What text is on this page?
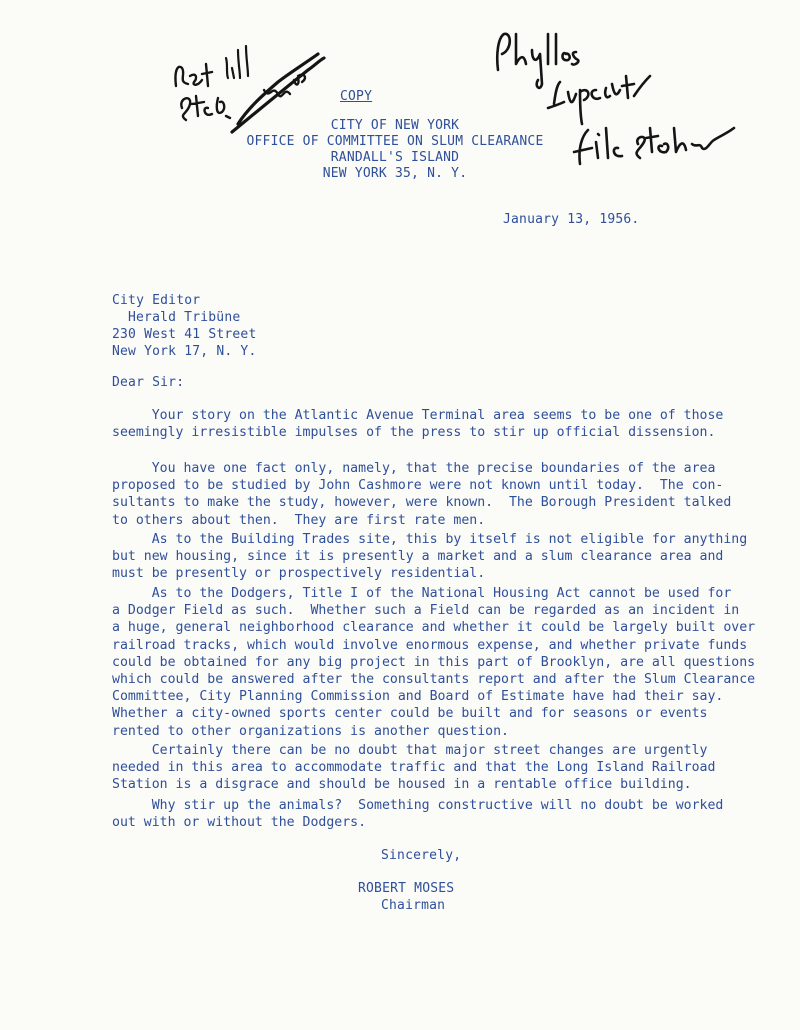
COPY
CITY OF NEW YORK
OFFICE OF COMMITTEE ON SLUM CLEARANCE
RANDALL'S ISLAND
NEW YORK 35, N. Y.
January 13, 1956.
City Editor
Herald Tribüne
230 West 41 Street
New York 17, N. Y.
Dear Sir:
Your story on the Atlantic Avenue Terminal area seems to be one of those
seemingly irresistible impulses of the press to stir up official dissension.
You have one fact only, namely, that the precise boundaries of the area
proposed to be studied by John Cashmore were not known until today.  The con-
sultants to make the study, however, were known.  The Borough President talked
to others about then.  They are first rate men.
As to the Building Trades site, this by itself is not eligible for anything
but new housing, since it is presently a market and a slum clearance area and
must be presently or prospectively residential.
As to the Dodgers, Title I of the National Housing Act cannot be used for
a Dodger Field as such.  Whether such a Field can be regarded as an incident in
a huge, general neighborhood clearance and whether it could be largely built over
railroad tracks, which would involve enormous expense, and whether private funds
could be obtained for any big project in this part of Brooklyn, are all questions
which could be answered after the consultants report and after the Slum Clearance
Committee, City Planning Commission and Board of Estimate have had their say.
Whether a city-owned sports center could be built and for seasons or events
rented to other organizations is another question.
Certainly there can be no doubt that major street changes are urgently
needed in this area to accommodate traffic and that the Long Island Railroad
Station is a disgrace and should be housed in a rentable office building.
Why stir up the animals?  Something constructive will no doubt be worked
out with or without the Dodgers.
Sincerely,
ROBERT MOSES
Chairman
